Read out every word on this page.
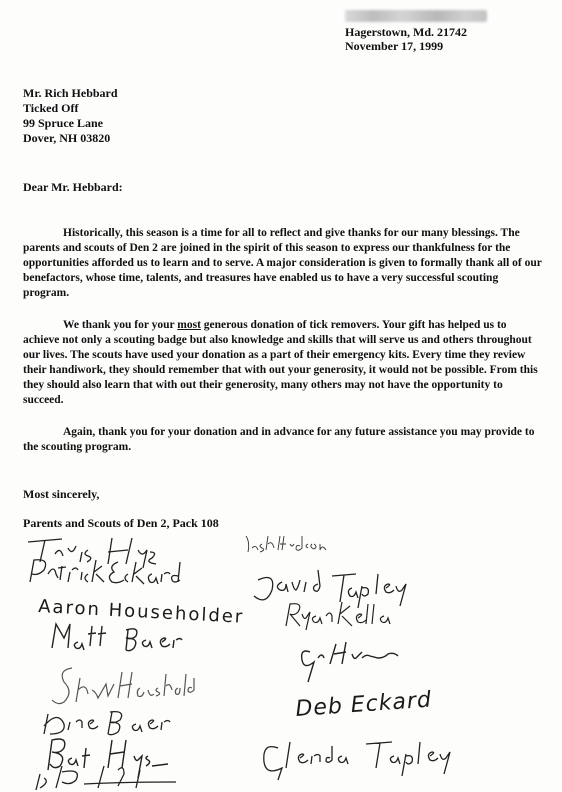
Hagerstown, Md. 21742
November 17, 1999
Mr. Rich Hebbard
Ticked Off
99 Spruce Lane
Dover, NH 03820
Dear Mr. Hebbard:

Historically, this season is a time for all to reflect and give thanks for our many blessings. The parents and scouts of Den 2 are joined in the spirit of this season to express our thankfulness for the opportunities afforded us to learn and to serve. A major consideration is given to formally thank all of our benefactors, whose time, talents, and treasures have enabled us to have a very successful scouting program.

We thank you for your most generous donation of tick removers. Your gift has helped us to achieve not only a scouting badge but also knowledge and skills that will serve us and others throughout our lives. The scouts have used your donation as a part of their emergency kits. Every time they review their handiwork, they should remember that with out your generosity, it would not be possible. From this they should also learn that with out their generosity, many others may not have the opportunity to succeed.

Again, thank you for your donation and in advance for any future assistance you may provide to the scouting program.

Most sincerely,
Parents and Scouts of Den 2, Pack 108
Aaron Householder
Deb Eckard
